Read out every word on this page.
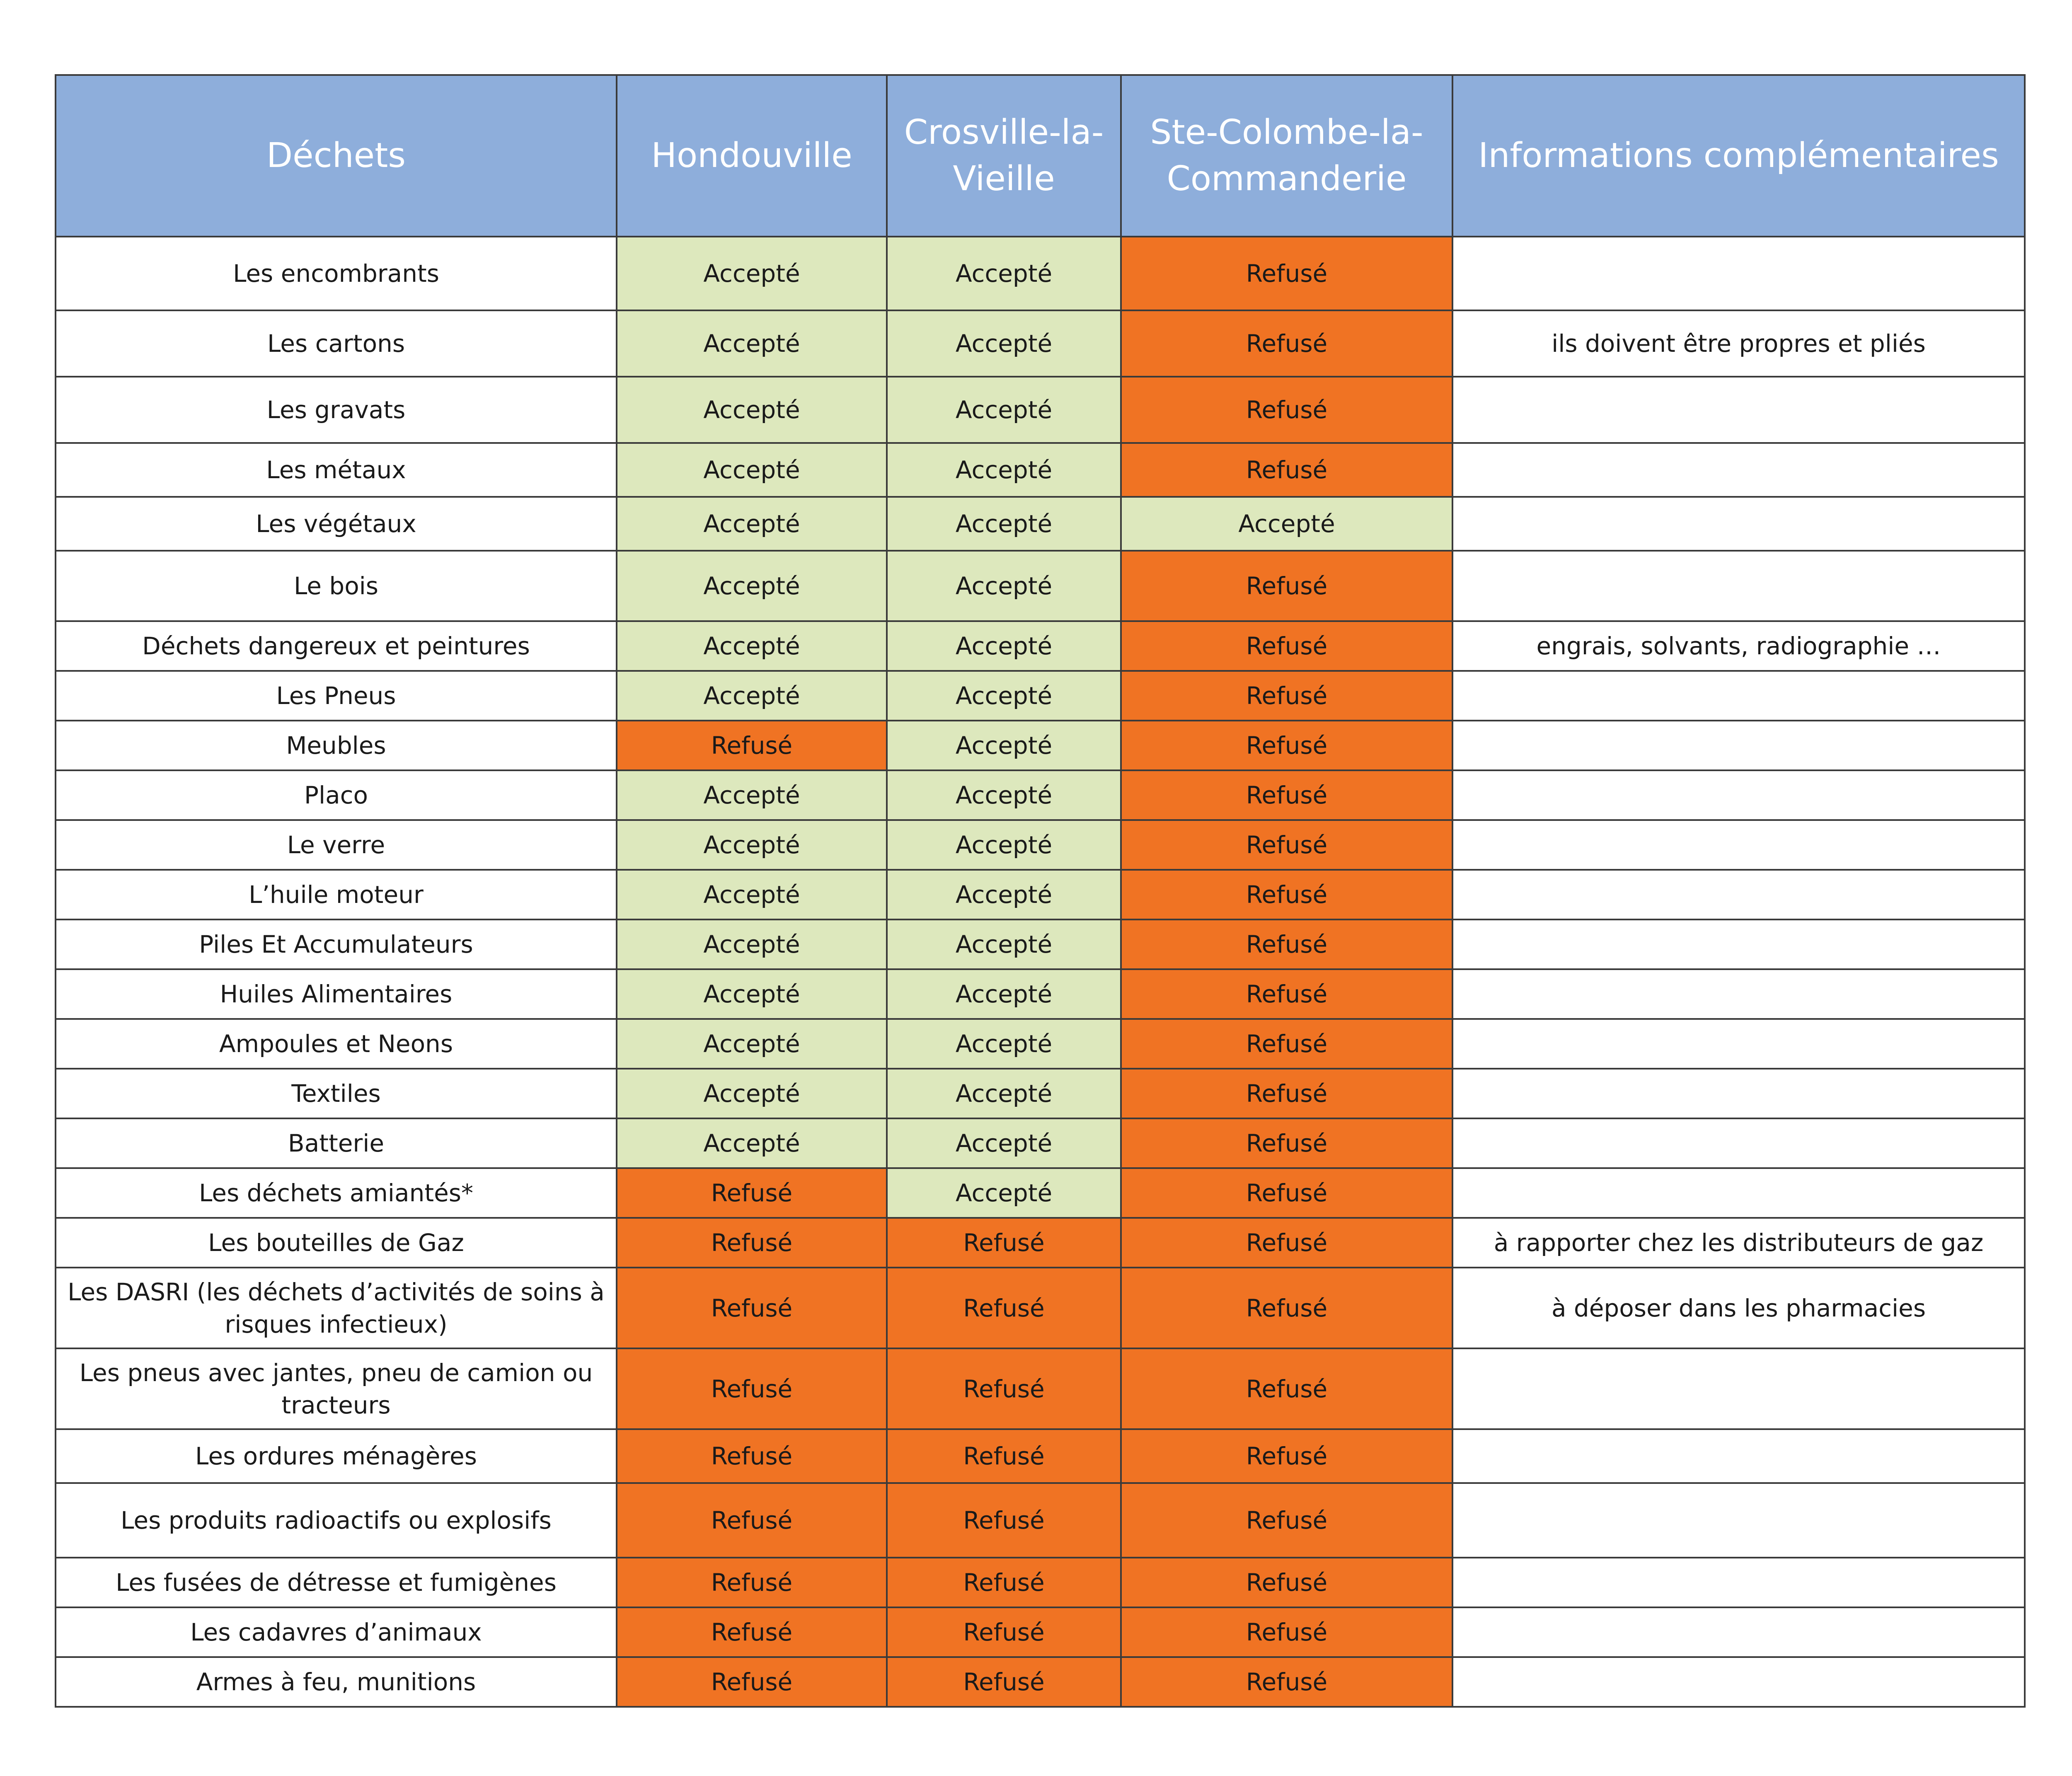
Déchets	Hondouville	Crosville-la-Vieille	Ste-Colombe-la-Commanderie	Informations complémentaires
Les encombrants	Accepté	Accepté	Refusé	
Les cartons	Accepté	Accepté	Refusé	ils doivent être propres et pliés
Les gravats	Accepté	Accepté	Refusé	
Les métaux	Accepté	Accepté	Refusé	
Les végétaux	Accepté	Accepté	Accepté	
Le bois	Accepté	Accepté	Refusé	
Déchets dangereux et peintures	Accepté	Accepté	Refusé	engrais, solvants, radiographie …
Les Pneus	Accepté	Accepté	Refusé	
Meubles	Refusé	Accepté	Refusé	
Placo	Accepté	Accepté	Refusé	
Le verre	Accepté	Accepté	Refusé	
L’huile moteur	Accepté	Accepté	Refusé	
Piles Et Accumulateurs	Accepté	Accepté	Refusé	
Huiles Alimentaires	Accepté	Accepté	Refusé	
Ampoules et Neons	Accepté	Accepté	Refusé	
Textiles	Accepté	Accepté	Refusé	
Batterie	Accepté	Accepté	Refusé	
Les déchets amiantés*	Refusé	Accepté	Refusé	
Les bouteilles de Gaz	Refusé	Refusé	Refusé	à rapporter chez les distributeurs de gaz
Les DASRI (les déchets d’activités de soins à risques infectieux)	Refusé	Refusé	Refusé	à déposer dans les pharmacies
Les pneus avec jantes, pneu de camion ou tracteurs	Refusé	Refusé	Refusé	
Les ordures ménagères	Refusé	Refusé	Refusé	
Les produits radioactifs ou explosifs	Refusé	Refusé	Refusé	
Les fusées de détresse et fumigènes	Refusé	Refusé	Refusé	
Les cadavres d’animaux	Refusé	Refusé	Refusé	
Armes à feu, munitions	Refusé	Refusé	Refusé	
